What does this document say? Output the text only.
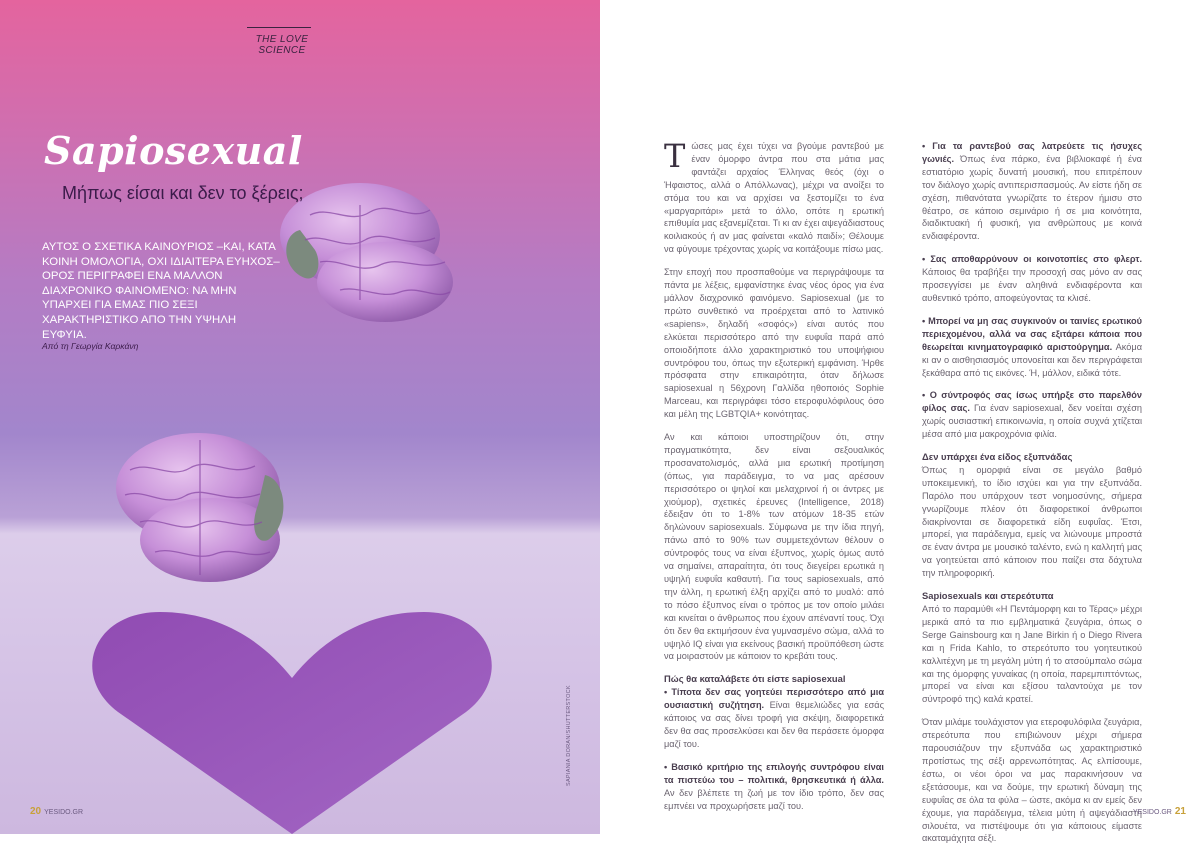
THE LOVE SCIENCE
Sapiosexual
Μήπως είσαι και δεν το ξέρεις;
ΑΥΤΟΣ Ο ΣΧΕΤΙΚΑ ΚΑΙΝΟΥΡΙΟΣ –ΚΑΙ, ΚΑΤΑ ΚΟΙΝΗ ΟΜΟΛΟΓΙΑ, ΟΧΙ ΙΔΙΑΙΤΕΡΑ ΕΥΗΧΟΣ– ΟΡΟΣ ΠΕΡΙΓΡΑΦΕΙ ΕΝΑ ΜΑΛΛΟΝ ΔΙΑΧΡΟΝΙΚΟ ΦΑΙΝΟΜΕΝΟ: ΝΑ ΜΗΝ ΥΠΑΡΧΕΙ ΓΙΑ ΕΜΑΣ ΠΙΟ ΣΕΞΙ ΧΑΡΑΚΤΗΡΙΣΤΙΚΟ ΑΠΟ ΤΗΝ ΥΨΗΛΗ ΕΥΦΥΙΑ.
Από τη Γεωργία Καρκάνη
SAPIANIA DORAN/SHUTTERSTOCK
20 YESIDO.GR

Τώσες μας έχει τύχει να βγούμε ραντεβού με έναν όμορφο άντρα που στα μάτια μας φαντάζει αρχαίος Έλληνας θεός (όχι ο Ήφαιστος, αλλά ο Απόλλωνας), μέχρι να ανοίξει το στόμα του και να αρχίσει να ξεστομίζει το ένα «μαργαριτάρι» μετά το άλλο, οπότε η ερωτική επιθυμία μας εξανεμίζεται. Τι κι αν έχει αψεγάδιαστους κοιλιακούς ή αν μας φαίνεται «καλό παιδί»; Θέλουμε να φύγουμε τρέχοντας χωρίς να κοιτάξουμε πίσω μας.

Στην εποχή που προσπαθούμε να περιγράψουμε τα πάντα με λέξεις, εμφανίστηκε ένας νέος όρος για ένα μάλλον διαχρονικό φαινόμενο. Sapiosexual (με το πρώτο συνθετικό να προέρχεται από το λατινικό «sapiens», δηλαδή «σοφός») είναι αυτός που ελκύεται περισσότερο από την ευφυΐα παρά από οποιοδήποτε άλλο χαρακτηριστικό του υποψήφιου συντρόφου του, όπως την εξωτερική εμφάνιση. Ήρθε πρόσφατα στην επικαιρότητα, όταν δήλωσε sapiosexual η 56χρονη Γαλλίδα ηθοποιός Sophie Marceau, και περιγράφει τόσο ετεροφυλόφιλους όσο και μέλη της LGBTQIA+ κοινότητας.

Αν και κάποιοι υποστηρίζουν ότι, στην πραγματικότητα, δεν είναι σεξουαλικός προσανατολισμός, αλλά μια ερωτική προτίμηση (όπως, για παράδειγμα, το να μας αρέσουν περισσότερο οι ψηλοί και μελαχρινοί ή οι άντρες με χιούμορ), σχετικές έρευνες (Intelligence, 2018) έδειξαν ότι το 1-8% των ατόμων 18-35 ετών δηλώνουν sapiosexuals. Σύμφωνα με την ίδια πηγή, πάνω από το 90% των συμμετεχόντων θέλουν ο σύντροφός τους να είναι έξυπνος, χωρίς όμως αυτό να σημαίνει, απαραίτητα, ότι τους διεγείρει ερωτικά η υψηλή ευφυΐα καθαυτή. Για τους sapiosexuals, από την άλλη, η ερωτική έλξη αρχίζει από το μυαλό: από το πόσο έξυπνος είναι ο τρόπος με τον οποίο μιλάει και κινείται ο άνθρωπος που έχουν απέναντί τους. Όχι ότι δεν θα εκτιμήσουν ένα γυμνασμένο σώμα, αλλά το υψηλό IQ είναι για εκείνους βασική προϋπόθεση ώστε να μοιραστούν με κάποιον το κρεβάτι τους.

Πώς θα καταλάβετε ότι είστε sapiosexual

• Τίποτα δεν σας γοητεύει περισσότερο από μια ουσιαστική συζήτηση. Είναι θεμελιώδες για εσάς κάποιος να σας δίνει τροφή για σκέψη, διαφορετικά δεν θα σας προσελκύσει και δεν θα περάσετε όμορφα μαζί του.

• Βασικό κριτήριο της επιλογής συντρόφου είναι τα πιστεύω του – πολιτικά, θρησκευτικά ή άλλα. Αν δεν βλέπετε τη ζωή με τον ίδιο τρόπο, δεν σας εμπνέει να προχωρήσετε μαζί του.

• Για τα ραντεβού σας λατρεύετε τις ήσυχες γωνιές. Όπως ένα πάρκο, ένα βιβλιοκαφέ ή ένα εστιατόριο χωρίς δυνατή μουσική, που επιτρέπουν τον διάλογο χωρίς αντιπερισπασμούς. Αν είστε ήδη σε σχέση, πιθανότατα γνωρίζατε το έτερον ήμισυ στο θέατρο, σε κάποιο σεμινάριο ή σε μια κοινότητα, διαδικτυακή ή φυσική, για ανθρώπους με κοινά ενδιαφέροντα.

• Σας αποθαρρύνουν οι κοινοτοπίες στο φλερτ. Κάποιος θα τραβήξει την προσοχή σας μόνο αν σας προσεγγίσει με έναν αληθινά ενδιαφέροντα και αυθεντικό τρόπο, αποφεύγοντας τα κλισέ.

• Μπορεί να μη σας συγκινούν οι ταινίες ερωτικού περιεχομένου, αλλά να σας εξιτάρει κάποια που θεωρείται κινηματογραφικό αριστούργημα. Ακόμα κι αν ο αισθησιασμός υπονοείται και δεν περιγράφεται ξεκάθαρα από τις εικόνες. Ή, μάλλον, ειδικά τότε.

• Ο σύντροφός σας ίσως υπήρξε στο παρελθόν φίλος σας. Για έναν sapiosexual, δεν νοείται σχέση χωρίς ουσιαστική επικοινωνία, η οποία συχνά χτίζεται μέσα από μια μακροχρόνια φιλία.

Δεν υπάρχει ένα είδος εξυπνάδας

Όπως η ομορφιά είναι σε μεγάλο βαθμό υποκειμενική, το ίδιο ισχύει και για την εξυπνάδα. Παρόλο που υπάρχουν τεστ νοημοσύνης, σήμερα γνωρίζουμε πλέον ότι διαφορετικοί άνθρωποι διακρίνονται σε διαφορετικά είδη ευφυΐας. Έτσι, μπορεί, για παράδειγμα, εμείς να λιώνουμε μπροστά σε έναν άντρα με μουσικό ταλέντο, ενώ η καλλητή μας να γοητεύεται από κάποιον που παίζει στα δάχτυλα την πληροφορική.

Sapiosexuals και στερεότυπα

Από το παραμύθι «Η Πεντάμορφη και το Τέρας» μέχρι μερικά από τα πιο εμβληματικά ζευγάρια, όπως ο Serge Gainsbourg και η Jane Birkin ή ο Diego Rivera και η Frida Kahlo, το στερεότυπο του γοητευτικού καλλιτέχνη με τη μεγάλη μύτη ή το ατσούμπαλο σώμα και της όμορφης γυναίκας (η οποία, παρεμπιπτόντως, μπορεί να είναι και εξίσου ταλαντούχα με τον σύντροφό της) καλά κρατεί.

Όταν μιλάμε τουλάχιστον για ετεροφυλόφιλα ζευγάρια, στερεότυπα που επιβιώνουν μέχρι σήμερα παρουσιάζουν την εξυπνάδα ως χαρακτηριστικό προτίστως της σέξι αρρενωπότητας. Ας ελπίσουμε, έστω, οι νέοι όροι να μας παρακινήσουν να εξετάσουμε, και να δούμε, την ερωτική δύναμη της ευφυΐας σε όλα τα φύλα – ώστε, ακόμα κι αν εμείς δεν έχουμε, για παράδειγμα, τέλεια μύτη ή αψεγάδιαστη σιλουέτα, να πιστέψουμε ότι για κάποιους είμαστε ακαταμάχητα σέξι.

YESIDO.GR 21
